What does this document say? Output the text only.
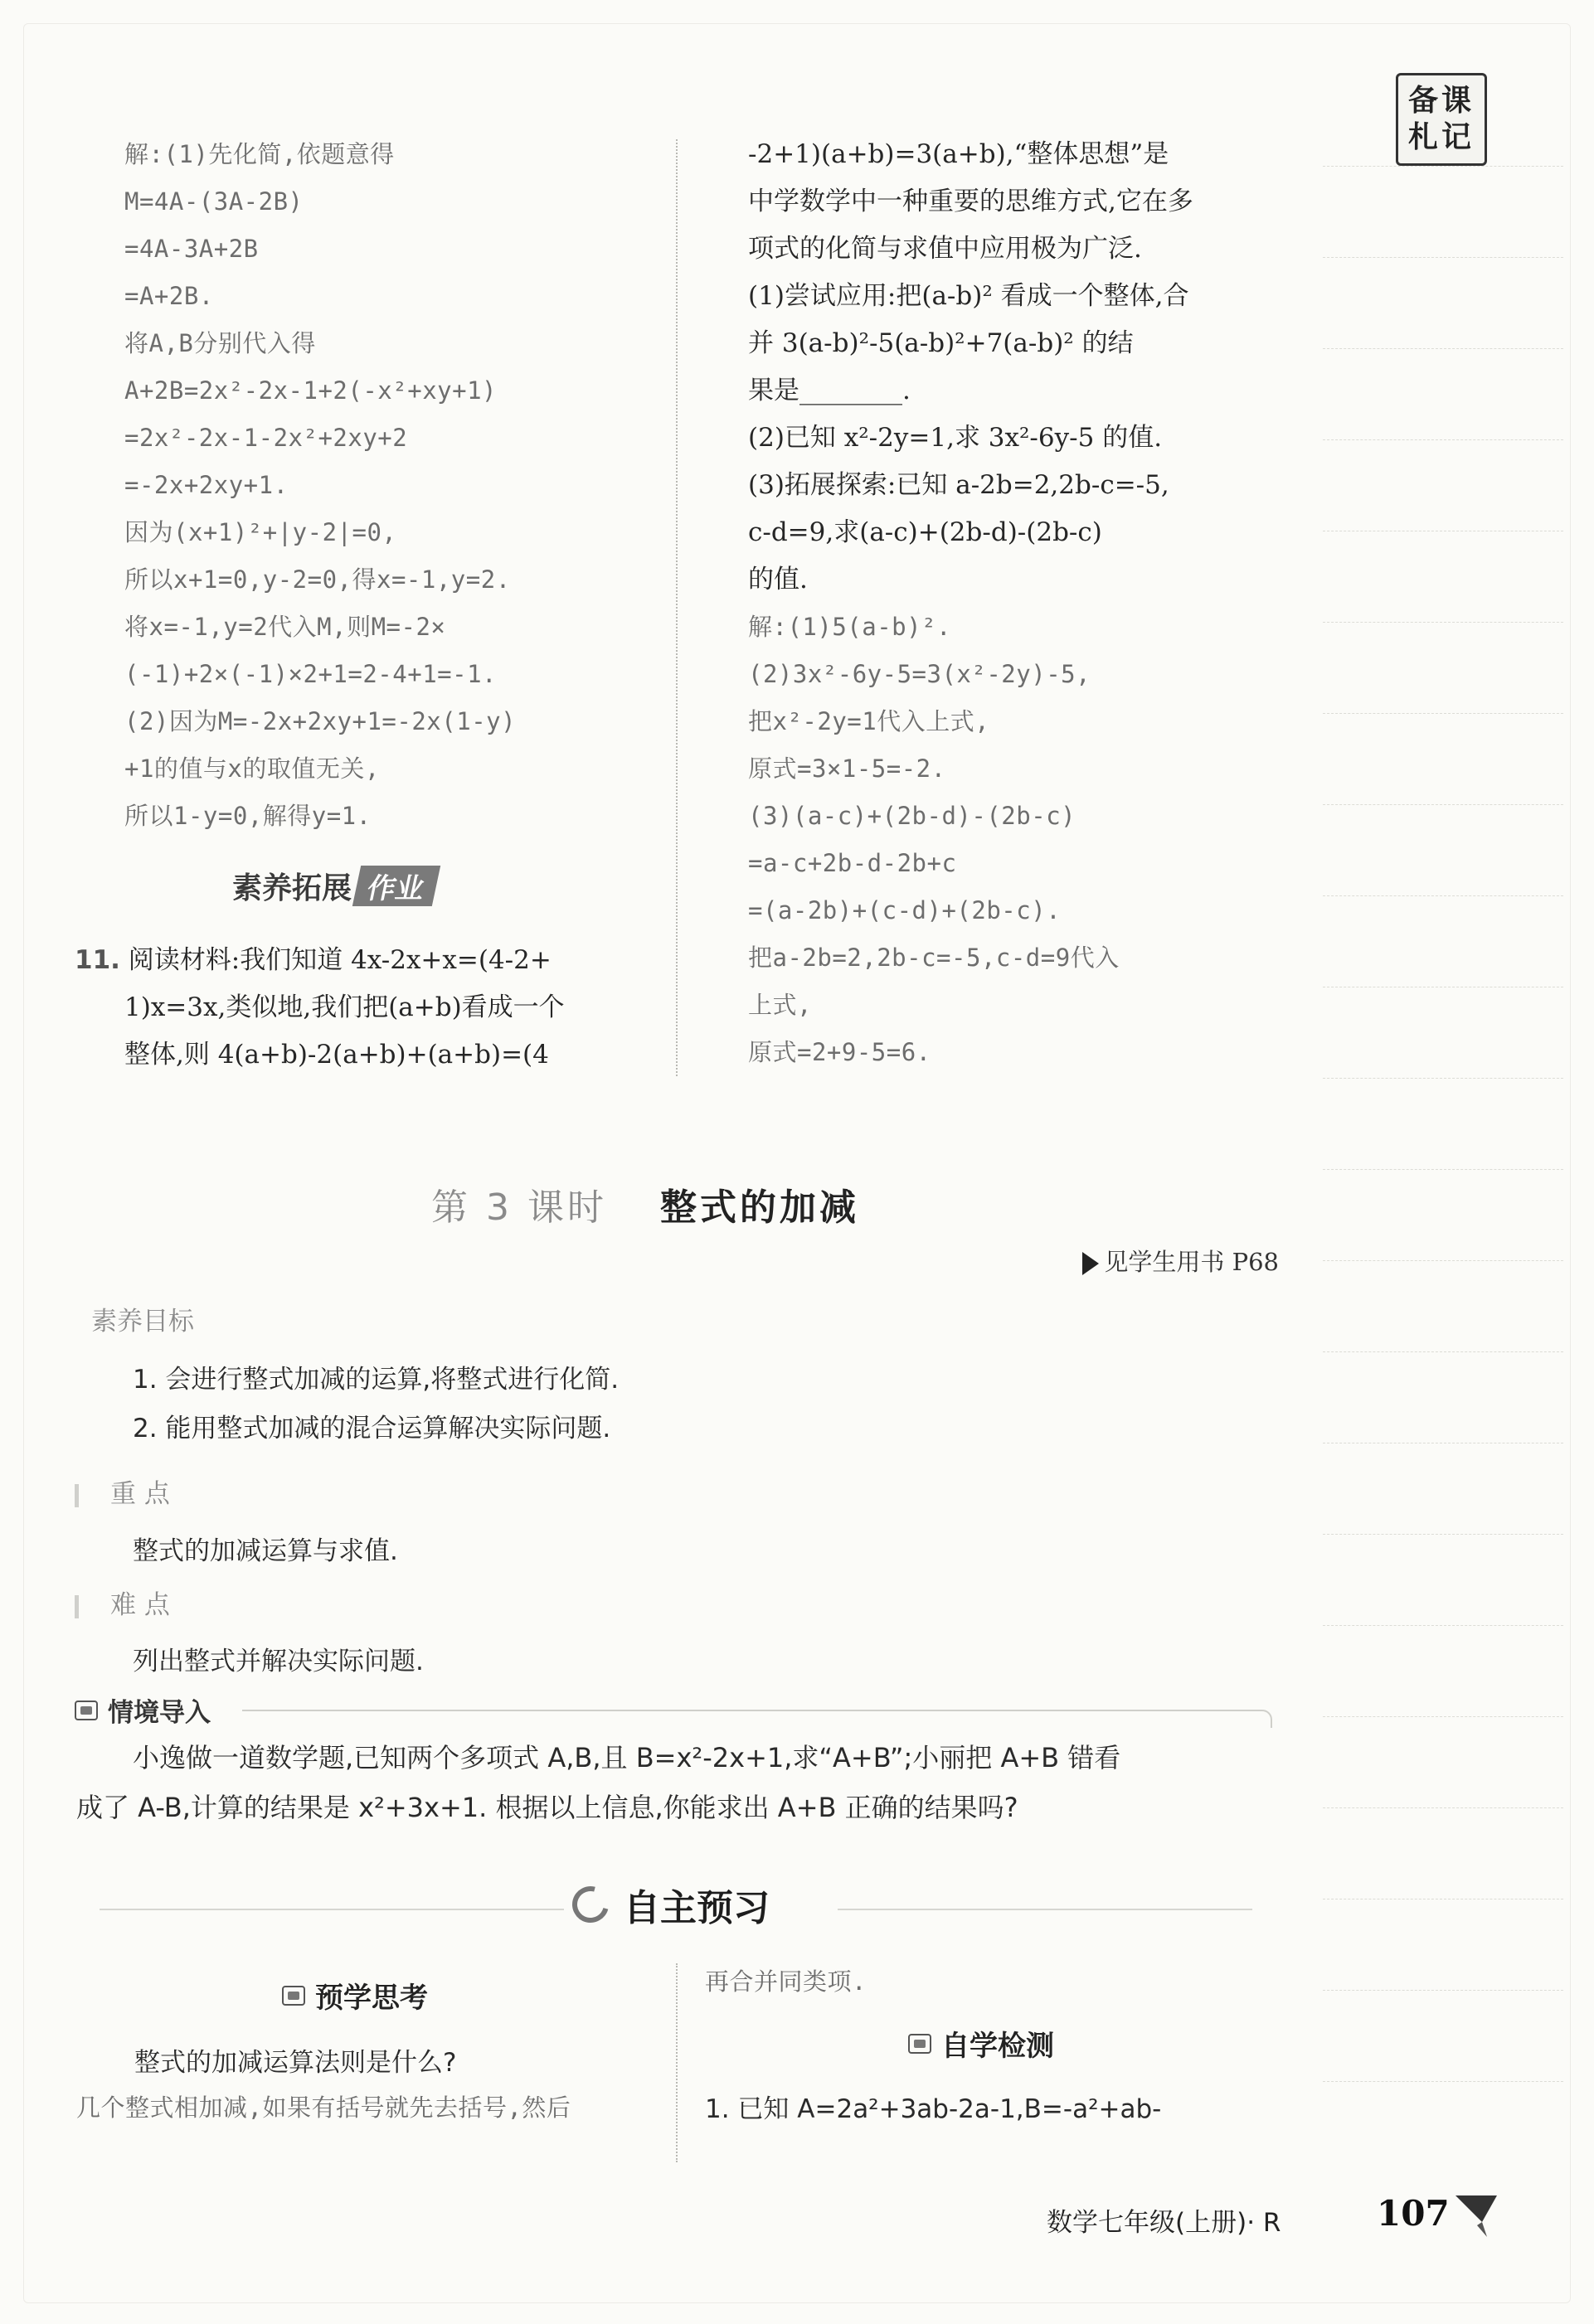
备课
札记
解:(1)先化简,依题意得
M=4A-(3A-2B)
=4A-3A+2B
=A+2B.
将A,B分别代入得
A+2B=2x²-2x-1+2(-x²+xy+1)
=2x²-2x-1-2x²+2xy+2
=-2x+2xy+1.
因为(x+1)²+|y-2|=0,
所以x+1=0,y-2=0,得x=-1,y=2.
将x=-1,y=2代入M,则M=-2×
(-1)+2×(-1)×2+1=2-4+1=-1.
(2)因为M=-2x+2xy+1=-2x(1-y)
+1的值与x的取值无关,
所以1-y=0,解得y=1.
素养拓展 作业
11. 阅读材料:我们知道 4x-2x+x=(4-2+
1)x=3x,类似地,我们把(a+b)看成一个
整体,则 4(a+b)-2(a+b)+(a+b)=(4
-2+1)(a+b)=3(a+b),“整体思想”是
中学数学中一种重要的思维方式,它在多
项式的化简与求值中应用极为广泛.
(1)尝试应用:把(a-b)² 看成一个整体,合
并 3(a-b)²-5(a-b)²+7(a-b)² 的结
果是________.
(2)已知 x²-2y=1,求 3x²-6y-5 的值.
(3)拓展探索:已知 a-2b=2,2b-c=-5,
c-d=9,求(a-c)+(2b-d)-(2b-c)
的值.
解:(1)5(a-b)².
(2)3x²-6y-5=3(x²-2y)-5,
把x²-2y=1代入上式,
原式=3×1-5=-2.
(3)(a-c)+(2b-d)-(2b-c)
=a-c+2b-d-2b+c
=(a-2b)+(c-d)+(2b-c).
把a-2b=2,2b-c=-5,c-d=9代入
上式,
原式=2+9-5=6.
第 3 课时 整式的加减
见学生用书 P68
素养目标
1. 会进行整式加减的运算,将整式进行化简.
2. 能用整式加减的混合运算解决实际问题.
重 点
整式的加减运算与求值.
难 点
列出整式并解决实际问题.
情境导入
小逸做一道数学题,已知两个多项式 A,B,且 B=x²-2x+1,求“A+B”;小丽把 A+B 错看
成了 A-B,计算的结果是 x²+3x+1. 根据以上信息,你能求出 A+B 正确的结果吗?
自主预习
预学思考
整式的加减运算法则是什么?
几个整式相加减,如果有括号就先去括号,然后
再合并同类项.
自学检测
1. 已知 A=2a²+3ab-2a-1,B=-a²+ab-
数学七年级(上册)· R	107
